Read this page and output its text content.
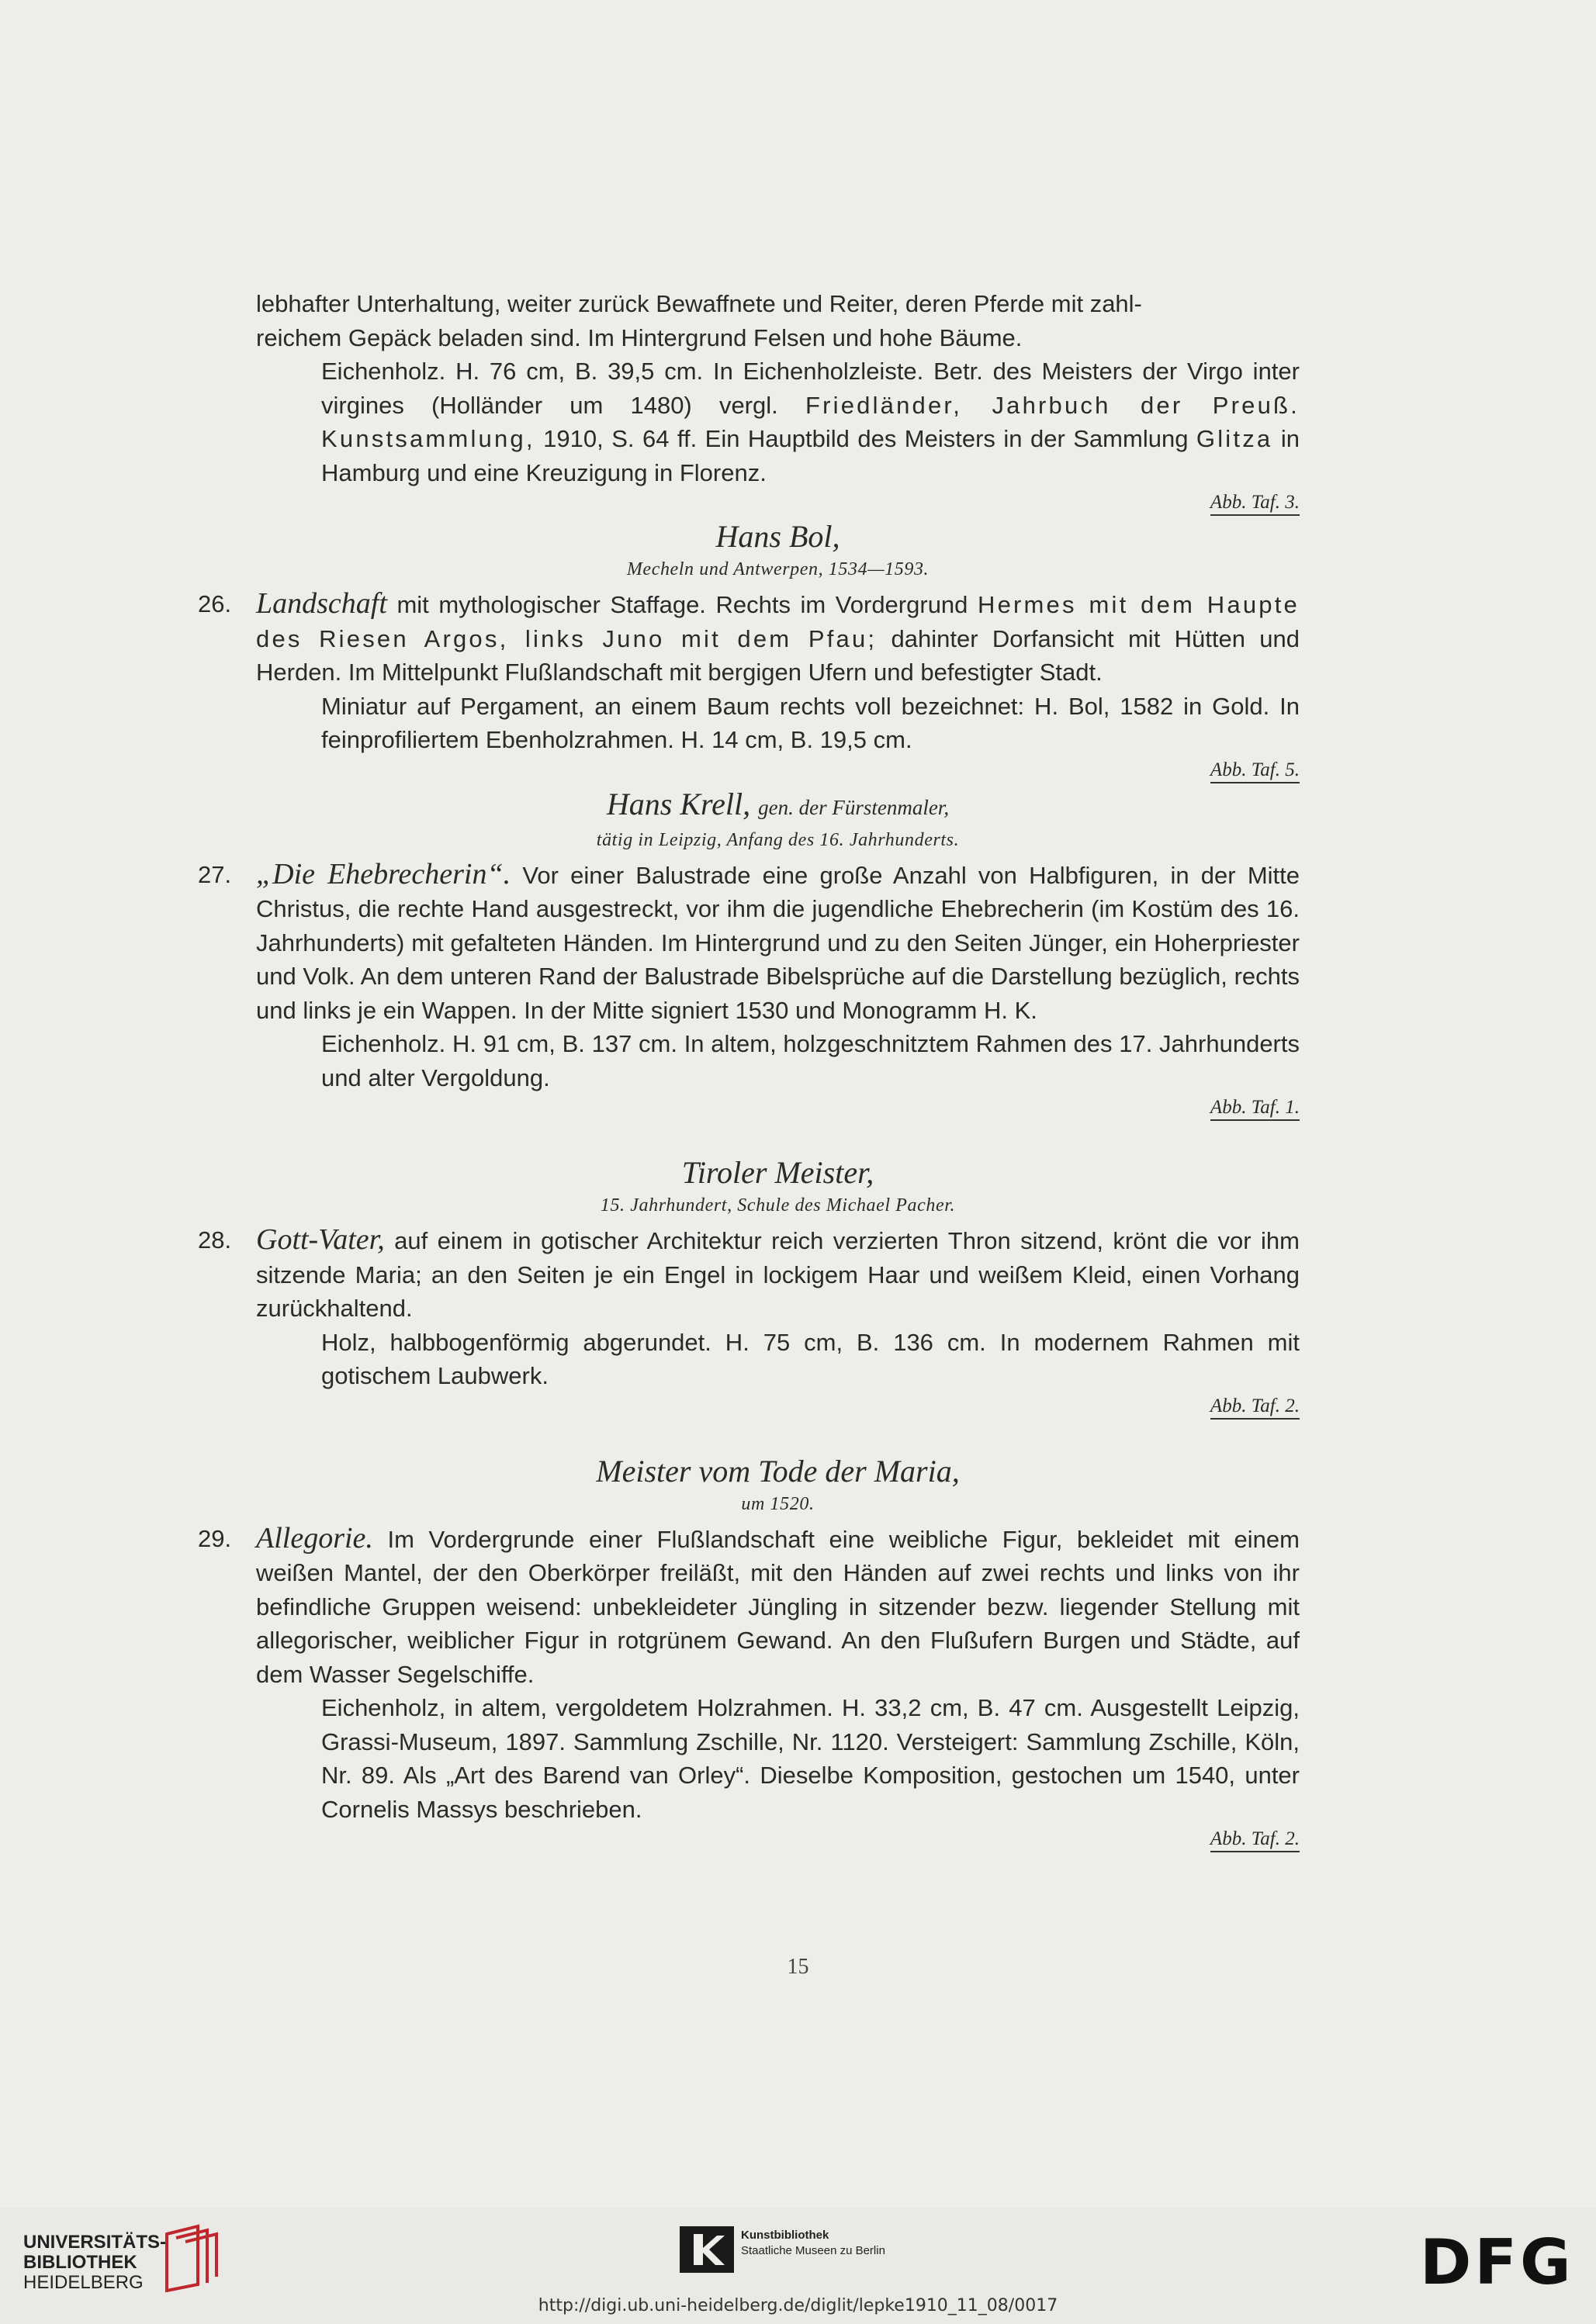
lebhafter Unterhaltung, weiter zurück Bewaffnete und Reiter, deren Pferde mit zahl-

reichem Gepäck beladen sind. Im Hintergrund Felsen und hohe Bäume.

Eichenholz. H. 76 cm, B. 39,5 cm. In Eichenholzleiste. Betr. des Meisters der Virgo inter virgines (Holländer um 1480) vergl. Friedländer, Jahrbuch der Preuß. Kunstsammlung, 1910, S. 64 ff. Ein Hauptbild des Meisters in der Sammlung Glitza in Hamburg und eine Kreuzigung in Florenz.

Abb. Taf. 3.

Hans Bol,

Mecheln und Antwerpen, 1534—1593.

26. Landschaft mit mythologischer Staffage. Rechts im Vordergrund Hermes mit dem Haupte des Riesen Argos, links Juno mit dem Pfau; dahinter Dorfansicht mit Hütten und Herden. Im Mittelpunkt Flußlandschaft mit bergigen Ufern und befestigter Stadt.

Miniatur auf Pergament, an einem Baum rechts voll bezeichnet: H. Bol, 1582 in Gold. In feinprofiliertem Ebenholzrahmen. H. 14 cm, B. 19,5 cm.

Abb. Taf. 5.

Hans Krell, gen. der Fürstenmaler,

tätig in Leipzig, Anfang des 16. Jahrhunderts.

27. „Die Ehebrecherin“. Vor einer Balustrade eine große Anzahl von Halbfiguren, in der Mitte Christus, die rechte Hand ausgestreckt, vor ihm die jugendliche Ehebrecherin (im Kostüm des 16. Jahrhunderts) mit gefalteten Händen. Im Hintergrund und zu den Seiten Jünger, ein Hoherpriester und Volk. An dem unteren Rand der Balustrade Bibelsprüche auf die Darstellung bezüglich, rechts und links je ein Wappen. In der Mitte signiert 1530 und Monogramm H. K.

Eichenholz. H. 91 cm, B. 137 cm. In altem, holzgeschnitztem Rahmen des 17. Jahrhunderts und alter Vergoldung.

Abb. Taf. 1.

Tiroler Meister,

15. Jahrhundert, Schule des Michael Pacher.

28. Gott-Vater, auf einem in gotischer Architektur reich verzierten Thron sitzend, krönt die vor ihm sitzende Maria; an den Seiten je ein Engel in lockigem Haar und weißem Kleid, einen Vorhang zurückhaltend.

Holz, halbbogenförmig abgerundet. H. 75 cm, B. 136 cm. In modernem Rahmen mit gotischem Laubwerk.

Abb. Taf. 2.

Meister vom Tode der Maria,

um 1520.

29. Allegorie. Im Vordergrunde einer Flußlandschaft eine weibliche Figur, bekleidet mit einem weißen Mantel, der den Oberkörper freiläßt, mit den Händen auf zwei rechts und links von ihr befindliche Gruppen weisend: unbekleideter Jüngling in sitzender bezw. liegender Stellung mit allegorischer, weiblicher Figur in rotgrünem Gewand. An den Flußufern Burgen und Städte, auf dem Wasser Segelschiffe.

Eichenholz, in altem, vergoldetem Holzrahmen. H. 33,2 cm, B. 47 cm. Ausgestellt Leipzig, Grassi-Museum, 1897. Sammlung Zschille, Nr. 1120. Versteigert: Sammlung Zschille, Köln, Nr. 89. Als „Art des Barend van Orley“. Dieselbe Komposition, gestochen um 1540, unter Cornelis Massys beschrieben.

Abb. Taf. 2.

15
UNIVERSITÄTS-
BIBLIOTHEK
HEIDELBERG
Kunstbibliothek
Staatliche Museen zu Berlin	DFG
http://digi.ub.uni-heidelberg.de/diglit/lepke1910_11_08/0017
